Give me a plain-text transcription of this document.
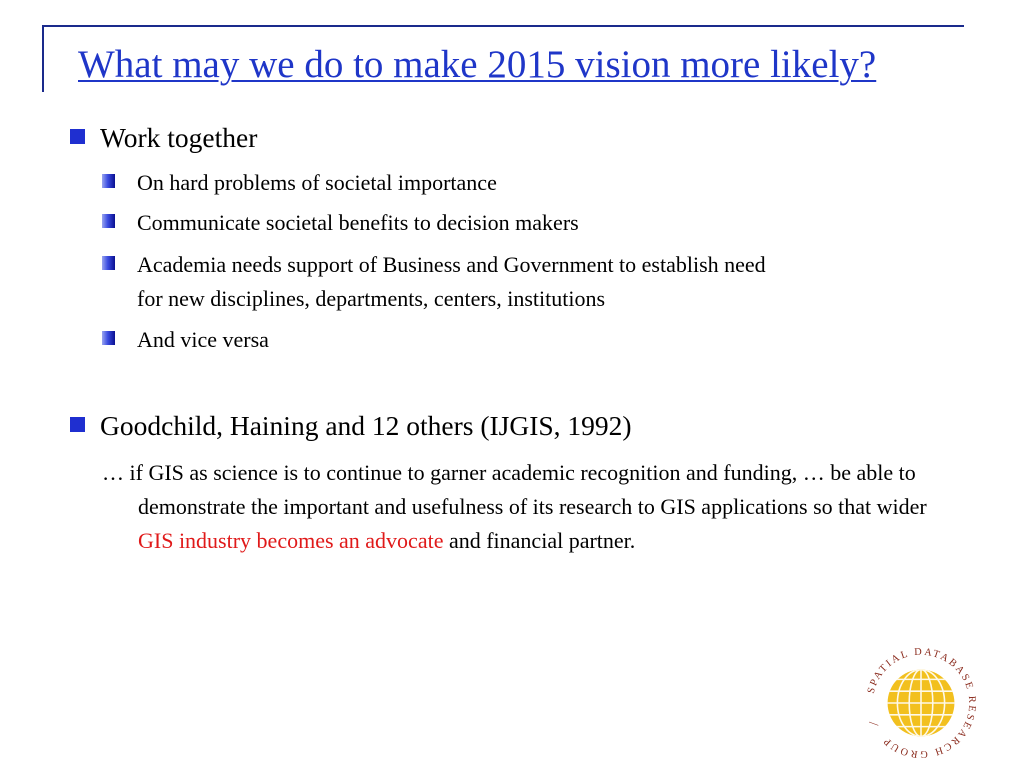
What may we do to make 2015 vision more likely?
Work together
On hard problems of societal importance
Communicate societal benefits to decision makers
Academia needs support of Business and Government to establish need
for new disciplines, departments, centers, institutions
And vice versa
Goodchild, Haining and 12 others (IJGIS, 1992)

… if GIS as science is to continue to garner academic recognition and funding, … be able to demonstrate the important and usefulness of its research to GIS applications so that wider GIS industry becomes an advocate and financial partner.

SPATIAL DATABASE RESEARCH GROUP
|
